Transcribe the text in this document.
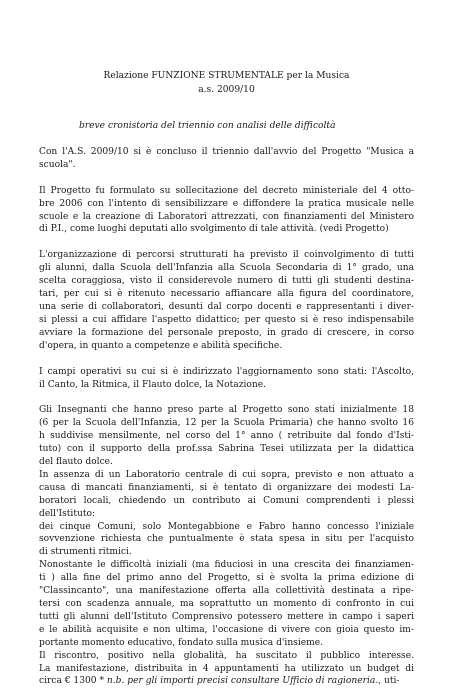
Relazione FUNZIONE STRUMENTALE per la Musica

a.s. 2009/10

breve cronistoria del triennio con analisi delle difficoltà
Con l'A.S. 2009/10 si è concluso il triennio dall'avvio del Progetto "Musica a
scuola".
Il Progetto fu formulato su sollecitazione del decreto ministeriale del 4 otto-
bre 2006 con l'intento di sensibilizzare e diffondere la pratica musicale nelle
scuole e la creazione di Laboratori attrezzati, con finanziamenti del Ministero
di P.I., come luoghi deputati allo svolgimento di tale attività. (vedi Progetto)
L'organizzazione di percorsi strutturati ha previsto il coinvolgimento di tutti
gli alunni, dalla Scuola dell'Infanzia alla Scuola Secondaria di 1° grado, una
scelta coraggiosa, visto il considerevole numero di tutti gli studenti destina-
tari, per cui si è ritenuto necessario affiancare alla figura del coordinatore,
una serie di collaboratori, desunti dal corpo docenti e rappresentanti i diver-
si plessi a cui affidare l'aspetto didattico; per questo si è reso indispensabile
avviare la formazione del personale preposto, in grado di crescere, in corso
d'opera, in quanto a competenze e abilità specifiche.
I campi operativi su cui si è indirizzato l'aggiornamento sono stati: l'Ascolto,
il Canto, la Ritmica, il Flauto dolce, la Notazione.
Gli Insegnanti che hanno preso parte al Progetto sono stati inizialmente 18
(6 per la Scuola dell'Infanzia, 12 per la Scuola Primaria) che hanno svolto 16
h suddivise mensilmente, nel corso del 1° anno ( retribuite dal fondo d'Isti-
tuto) con il supporto della prof.ssa Sabrina Tesei utilizzata per la didattica
del flauto dolce.
In assenza di un Laboratorio centrale di cui sopra, previsto e non attuato a
causa di mancati finanziamenti, si è tentato di organizzare dei modesti La-
boratori locali, chiedendo un contributo ai Comuni comprendenti i plessi
dell'Istituto:
dei cinque Comuni, solo Montegabbione e Fabro hanno concesso l'iniziale
sovvenzione richiesta che puntualmente è stata spesa in situ per l'acquisto
di strumenti ritmici.
Nonostante le difficoltà iniziali (ma fiduciosi in una crescita dei finanziamen-
ti ) alla fine del primo anno del Progetto, si è svolta la prima edizione di
"Classincanto", una manifestazione offerta alla collettività destinata a ripe-
tersi con scadenza annuale, ma soprattutto un momento di confronto in cui
tutti gli alunni dell'Istituto Comprensivo potessero mettere in campo i saperi
e le abilità acquisite e non ultima, l'occasione di vivere con gioia questo im-
portante momento educativo, fondato sulla musica d'insieme.
Il riscontro, positivo nella globalità, ha suscitato il pubblico interesse.
La manifestazione, distribuita in 4 appuntamenti ha utilizzato un budget di
circa € 1300 * n.b. per gli importi precisi consultare Ufficio di ragioneria., uti-
